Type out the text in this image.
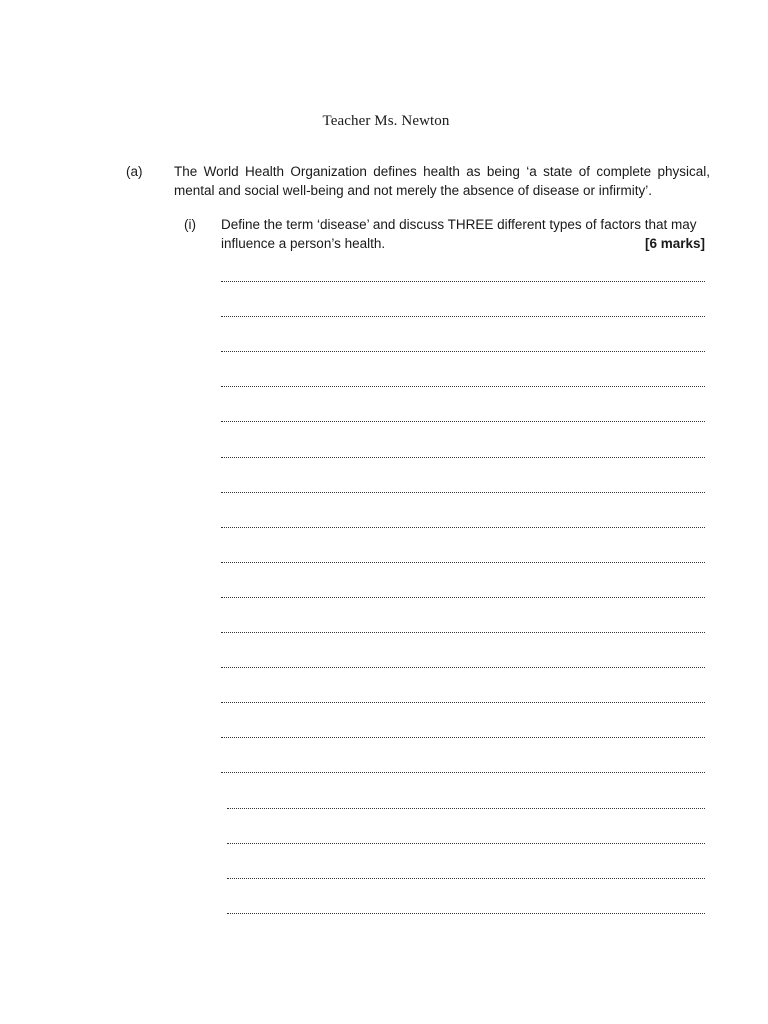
Teacher Ms. Newton
(a) The World Health Organization defines health as being ‘a state of complete physical, mental and social well-being and not merely the absence of disease or infirmity’.
(i) Define the term ‘disease’ and discuss THREE different types of factors that may
influence a person’s health.	[6 marks]
